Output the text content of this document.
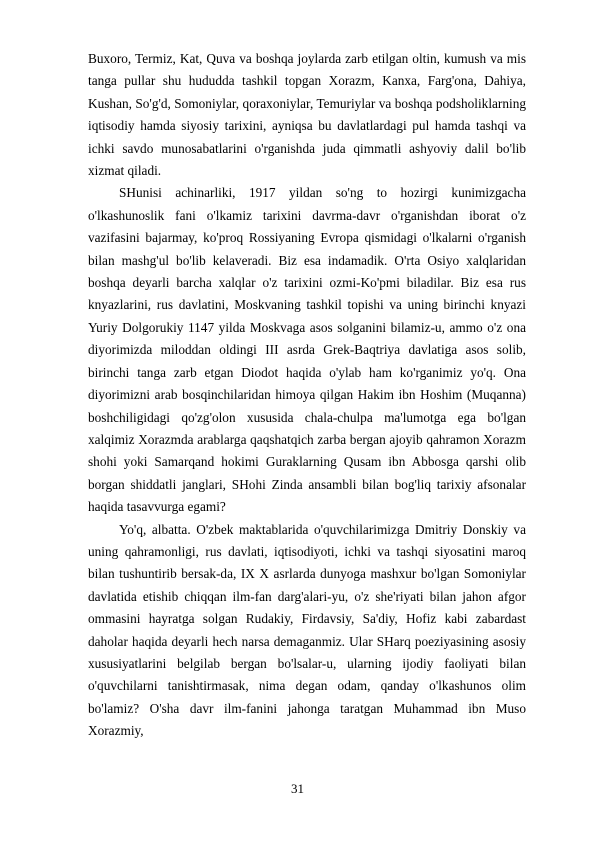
Buxoro, Termiz, Kat, Quva va boshqa joylarda zarb etilgan oltin, kumush va mis tanga pullar shu hududda tashkil topgan Xorazm, Kanxa, Farg'ona, Dahiya, Kushan, So'g'd, Somoniylar, qoraxoniylar, Temuriylar va boshqa podsholiklarning iqtisodiy hamda siyosiy tarixini, ayniqsa bu davlatlardagi pul hamda tashqi va ichki savdo munosabatlarini o'rganishda juda qimmatli ashyoviy dalil bo'lib xizmat qiladi.

SHunisi achinarliki, 1917 yildan so'ng to hozirgi kunimizgacha o'lkashunoslik fani o'lkamiz tarixini davrma-davr o'rganishdan iborat o'z vazifasini bajarmay, ko'proq Rossiyaning Evropa qismidagi o'lkalarni o'rganish bilan mashg'ul bo'lib kelaveradi. Biz esa indamadik. O'rta Osiyo xalqlaridan boshqa deyarli barcha xalqlar o'z tarixini ozmi-Ko'pmi biladilar. Biz esa rus knyazlarini, rus davlatini, Moskvaning tashkil topishi va uning birinchi knyazi Yuriy Dolgorukiy 1147 yilda Moskvaga asos solganini bilamiz-u, ammo o'z ona diyorimizda miloddan oldingi III asrda Grek-Baqtriya davlatiga asos solib, birinchi tanga zarb etgan Diodot haqida o'ylab ham ko'rganimiz yo'q. Ona diyorimizni arab bosqinchilaridan himoya qilgan Hakim ibn Hoshim (Muqanna) boshchiligidagi qo'zg'olon xususida chala-chulpa ma'lumotga ega bo'lgan xalqimiz Xorazmda arablarga qaqshatqich zarba bergan ajoyib qahramon Xorazm shohi yoki Samarqand hokimi Guraklarning Qusam ibn Abbosga qarshi olib borgan shiddatli janglari, SHohi Zinda ansambli bilan bog'liq tarixiy afsonalar haqida tasavvurga egami?

Yo'q, albatta. O'zbek maktablarida o'quvchilarimizga Dmitriy Donskiy va uning qahramonligi, rus davlati, iqtisodiyoti, ichki va tashqi siyosatini maroq bilan tushuntirib bersak-da, IX X asrlarda dunyoga mashxur bo'lgan Somoniylar davlatida etishib chiqqan ilm-fan darg'alari-yu, o'z she'riyati bilan jahon afgor ommasini hayratga solgan Rudakiy, Firdavsiy, Sa'diy, Hofiz kabi zabardast daholar haqida deyarli hech narsa demaganmiz. Ular SHarq poeziyasining asosiy xususiyatlarini belgilab bergan bo'lsalar-u, ularning ijodiy faoliyati bilan o'quvchilarni tanishtirmasak, nima degan odam, qanday o'lkashunos olim bo'lamiz? O'sha davr ilm-fanini jahonga taratgan Muhammad ibn Muso Xorazmiy,

31
